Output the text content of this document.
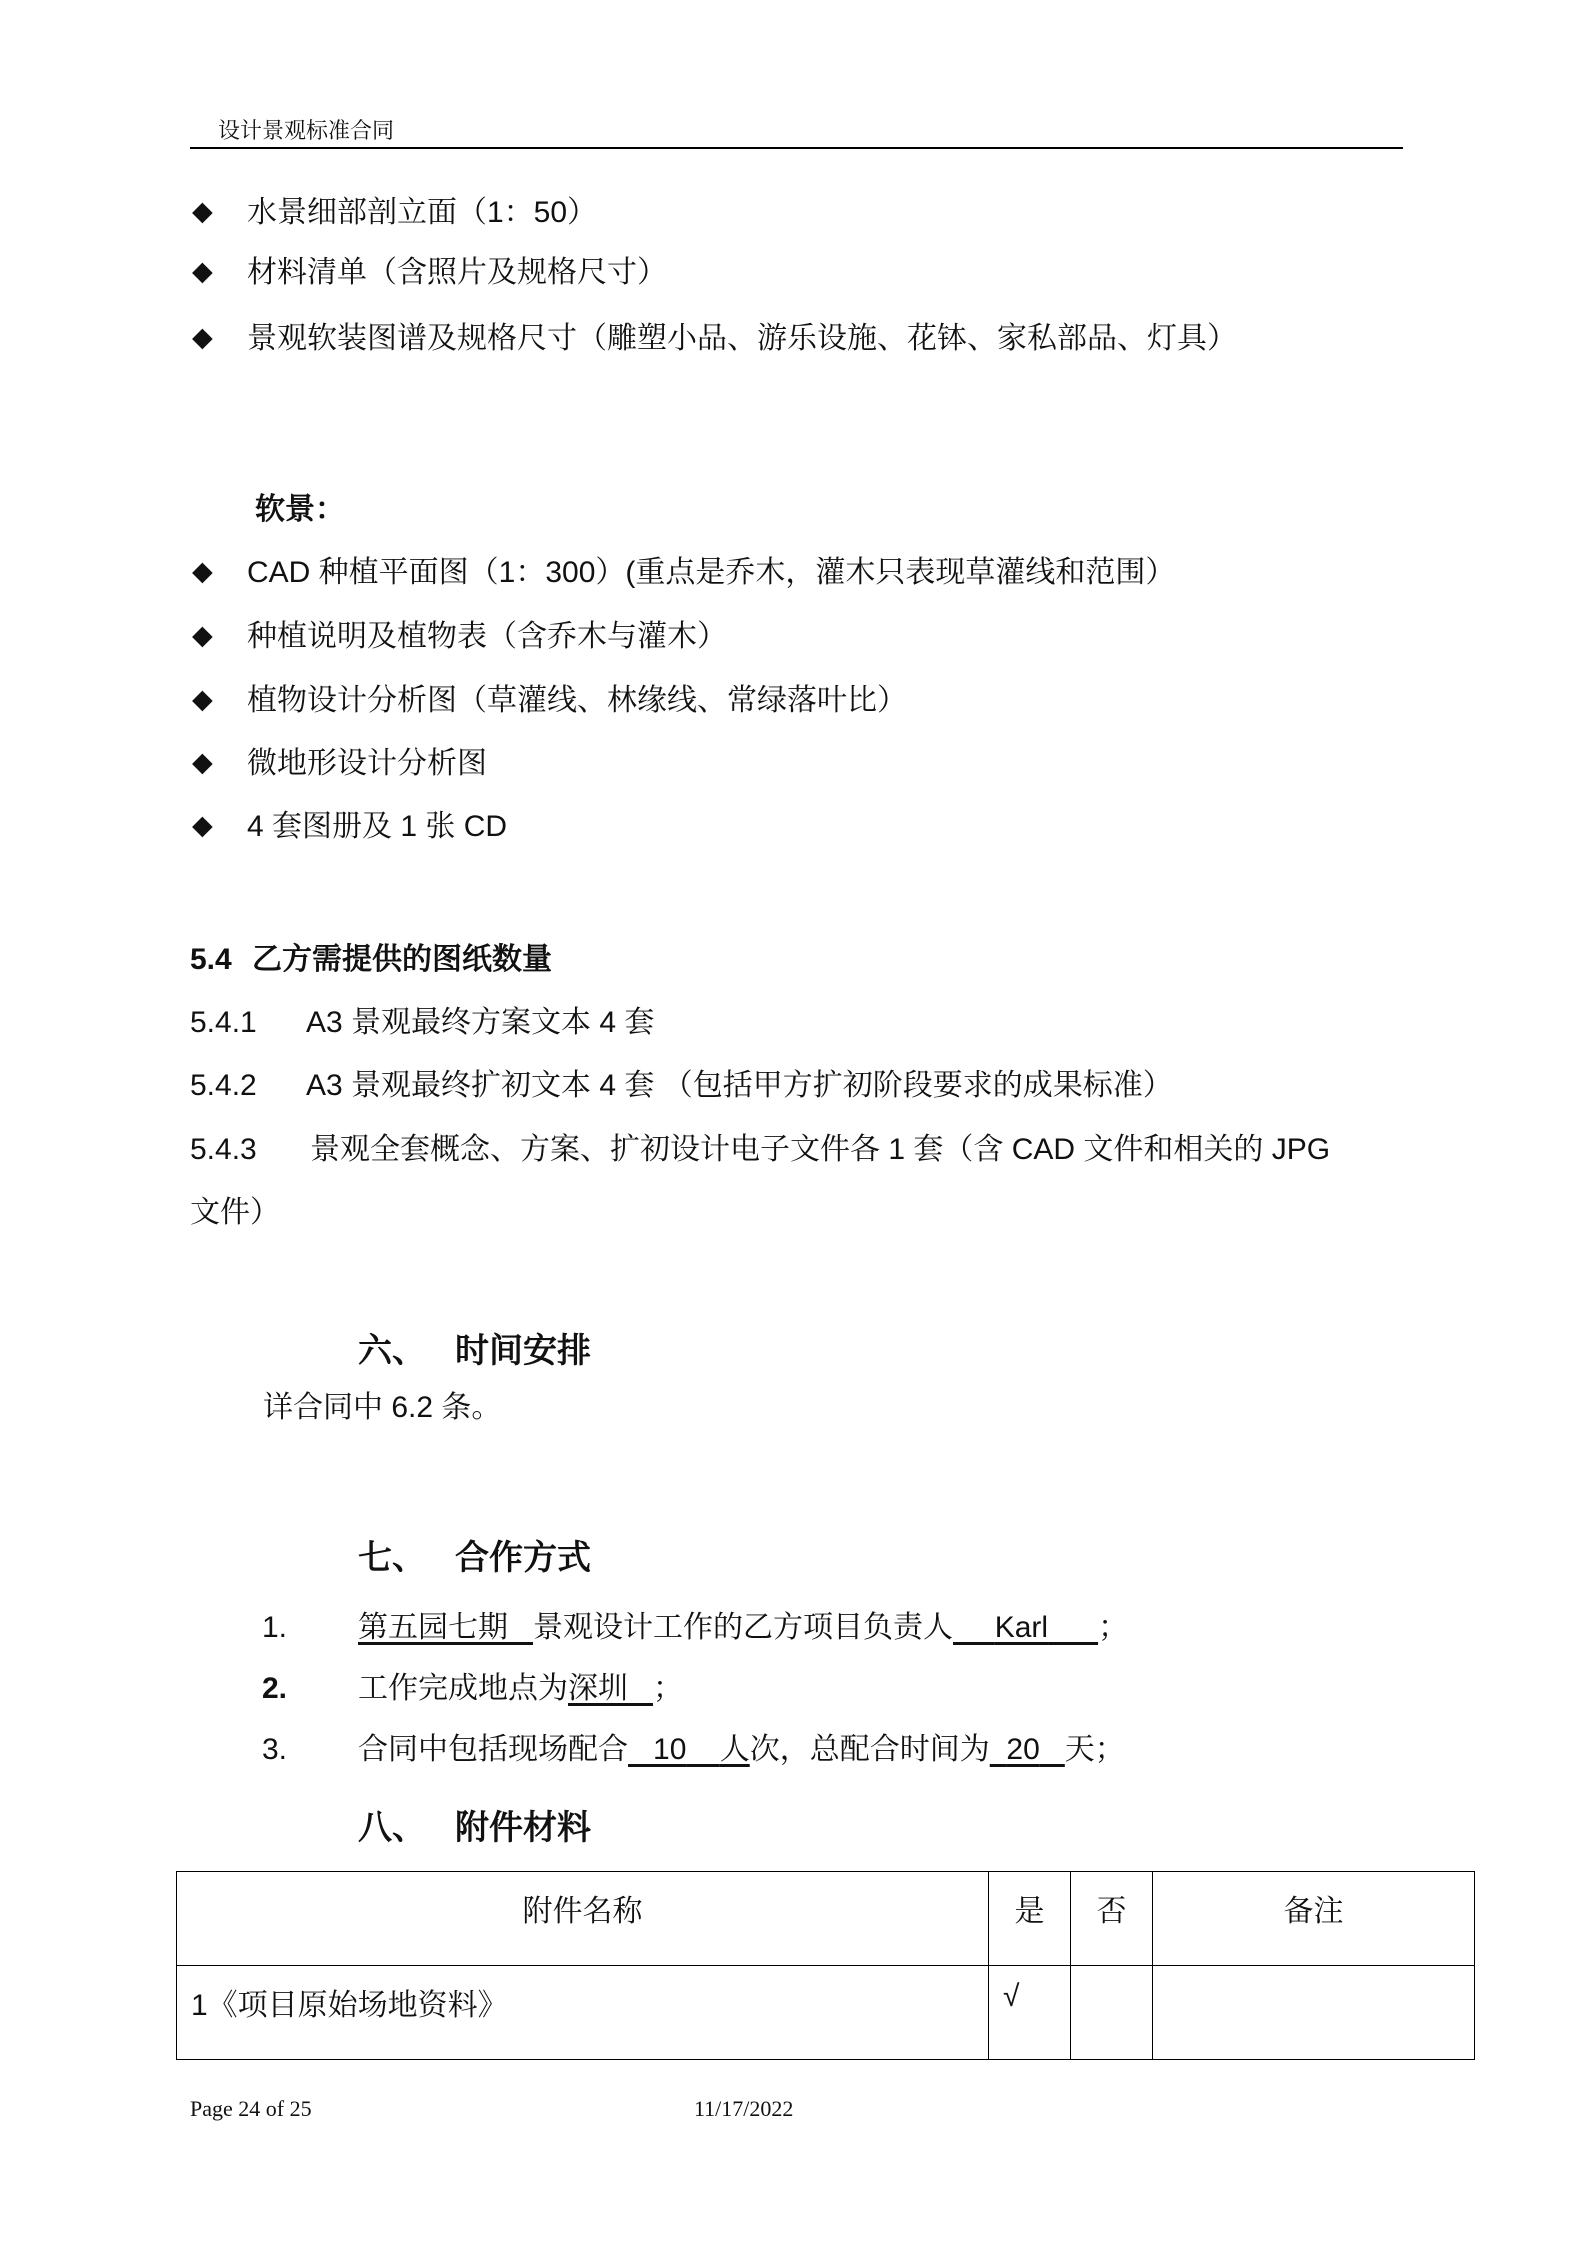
设计景观标准合同
◆ 水景细部剖立面（1：50）
◆ 材料清单（含照片及规格尺寸）
◆ 景观软装图谱及规格尺寸（雕塑小品、游乐设施、花钵、家私部品、灯具）
软景：
◆ CAD 种植平面图（1：300）(重点是乔木，灌木只表现草灌线和范围）
◆ 种植说明及植物表（含乔木与灌木）
◆ 植物设计分析图（草灌线、林缘线、常绿落叶比）
◆ 微地形设计分析图
◆ 4 套图册及 1 张 CD
5.4 乙方需提供的图纸数量
5.4.1 A3 景观最终方案文本 4 套
5.4.2 A3 景观最终扩初文本 4 套 （包括甲方扩初阶段要求的成果标准）
5.4.3 景观全套概念、方案、扩初设计电子文件各 1 套（含 CAD 文件和相关的 JPG
文件）
六、 时间安排
详合同中 6.2 条。
七、 合作方式
1. 第五园七期 景观设计工作的乙方项目负责人 Karl ；
2. 工作完成地点为深圳 ；
3. 合同中包括现场配合 10 人次，总配合时间为 20 天；
八、 附件材料
附件名称	是	否	备注

1《项目原始场地资料》	√		

Page 24 of 25	11/17/2022
